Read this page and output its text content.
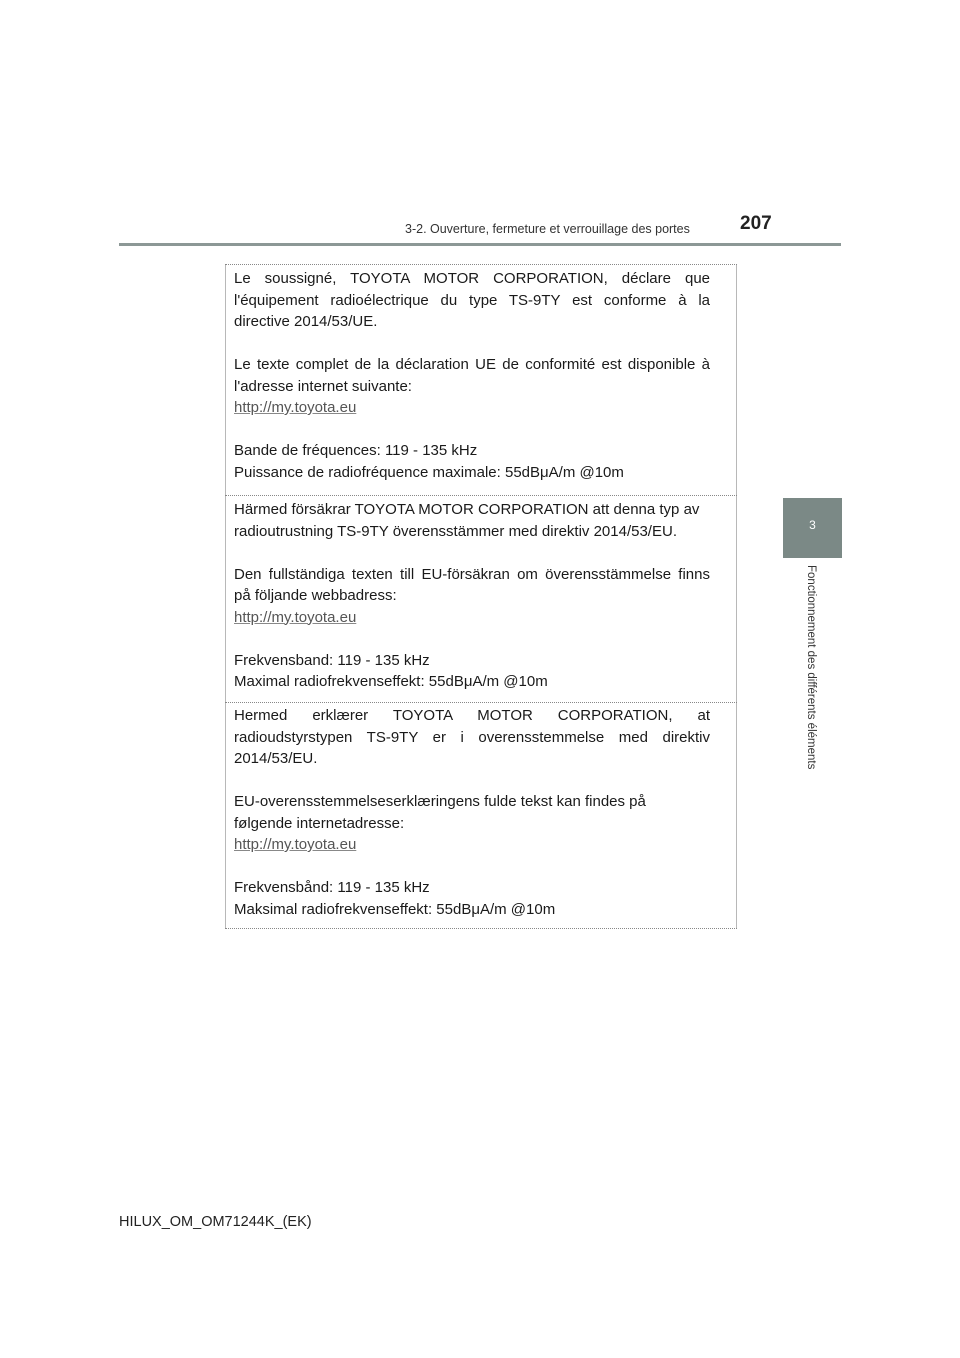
3-2. Ouverture, fermeture et verrouillage des portes	207
3
Fonctionnement des différents éléments

Le soussigné, TOYOTA MOTOR CORPORATION, déclare que

l'équipement radioélectrique du type TS-9TY est conforme à la

directive 2014/53/UE.

Le texte complet de la déclaration UE de conformité est disponible à

l'adresse internet suivante:

http://my.toyota.eu

Bande de fréquences: 119 - 135 kHz

Puissance de radiofréquence maximale: 55dBμA/m @10m

Härmed försäkrar TOYOTA MOTOR CORPORATION att denna typ av

radioutrustning TS-9TY överensstämmer med direktiv 2014/53/EU.

Den fullständiga texten till EU-försäkran om överensstämmelse finns

på följande webbadress:

http://my.toyota.eu

Frekvensband: 119 - 135 kHz

Maximal radiofrekvenseffekt: 55dBμA/m @10m

Hermed erklærer TOYOTA MOTOR CORPORATION, at

radioudstyrstypen TS-9TY er i overensstemmelse med direktiv

2014/53/EU.

EU-overensstemmelseserklæringens fulde tekst kan findes på

følgende internetadresse:

http://my.toyota.eu

Frekvensbånd: 119 - 135 kHz

Maksimal radiofrekvenseffekt: 55dBμA/m @10m

HILUX_OM_OM71244K_(EK)
